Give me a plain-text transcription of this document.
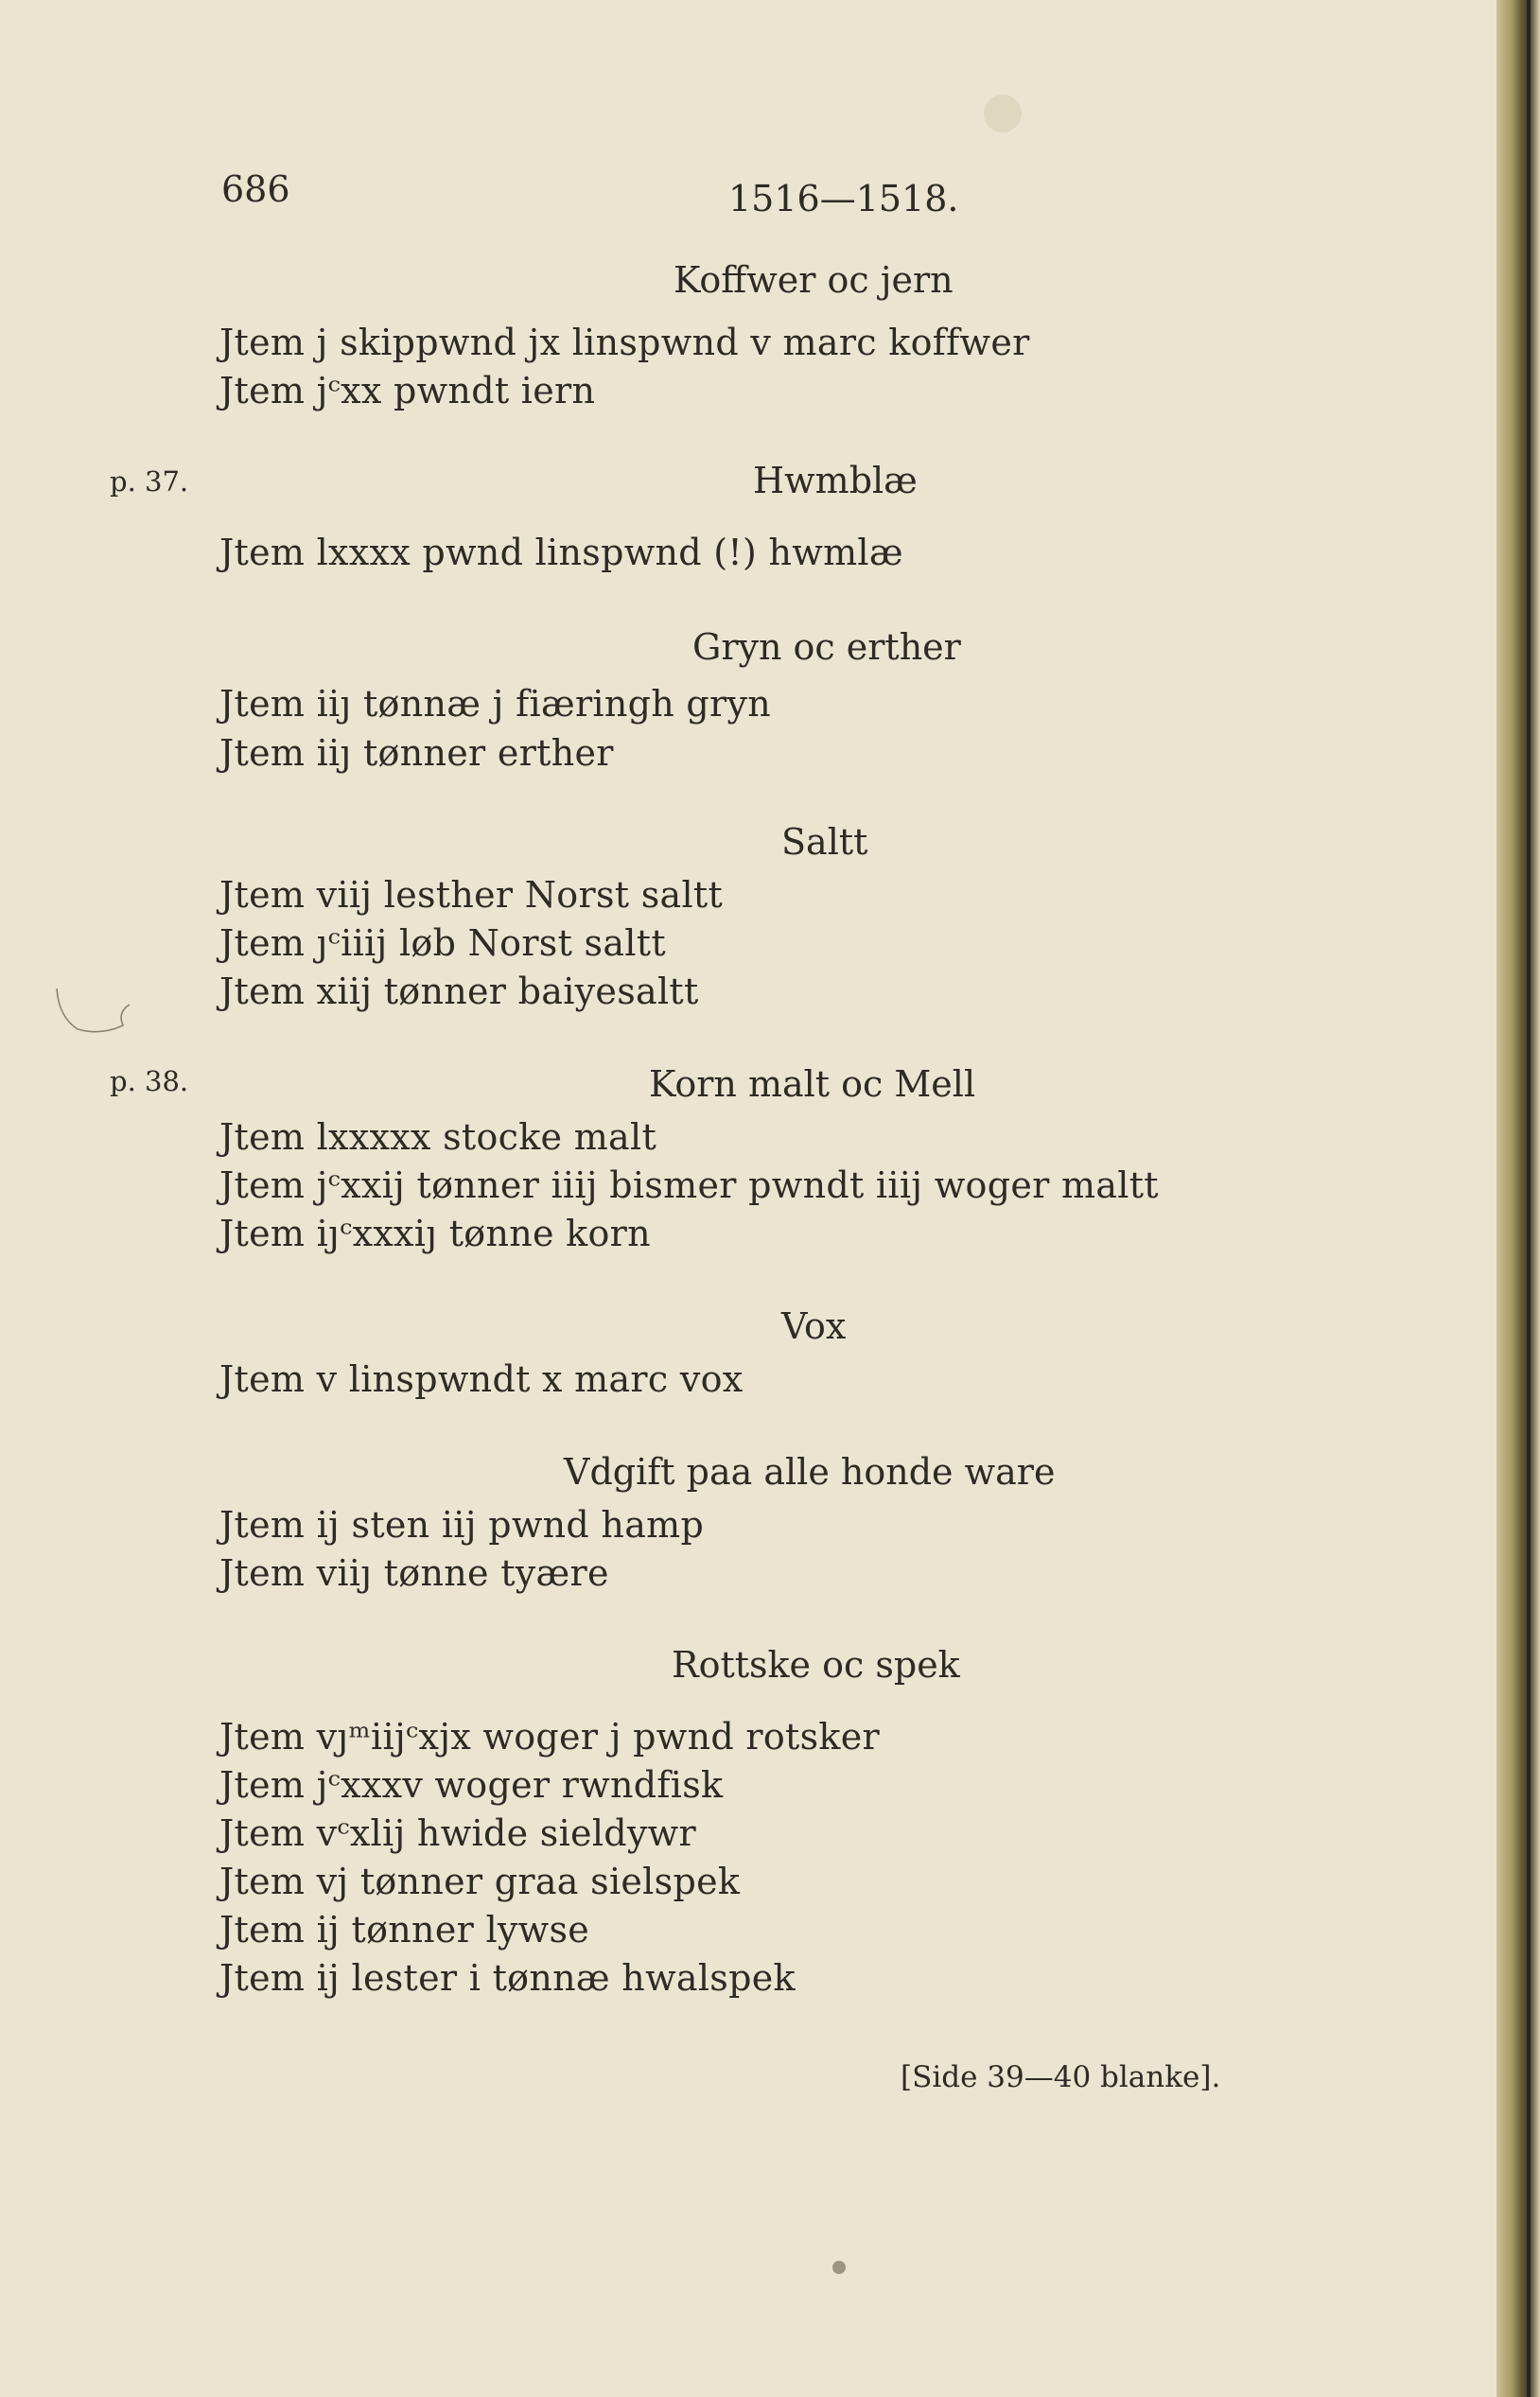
686	1516—1518.
p. 37.
p. 38.
Koffwer oc jern
Jtem j skippwnd jx linspwnd v marc koffwer
Jtem jᶜxx pwndt iern
Hwmblæ
Jtem lxxxx pwnd linspwnd (!) hwmlæ
Gryn oc erther
Jtem iiȷ tønnæ j fiæringh gryn
Jtem iiȷ tønner erther
Saltt
Jtem viij lesther Norst saltt
Jtem ȷᶜiiij løb Norst saltt
Jtem xiij tønner baiyesaltt
Korn malt oc Mell
Jtem lxxxxx stocke malt
Jtem jᶜxxij tønner iiij bismer pwndt iiij woger maltt
Jtem iȷᶜxxxiȷ tønne korn
Vox
Jtem v linspwndt x marc vox
Vdgift paa alle honde ware
Jtem ij sten iij pwnd hamp
Jtem viiȷ tønne tyære
Rottske oc spek
Jtem vȷᵐiijᶜxjx woger j pwnd rotsker
Jtem jᶜxxxv woger rwndfisk
Jtem vᶜxlij hwide sieldywr
Jtem vj tønner graa sielspek
Jtem ij tønner lywse
Jtem ij lester i tønnæ hwalspek
[Side 39—40 blanke].
